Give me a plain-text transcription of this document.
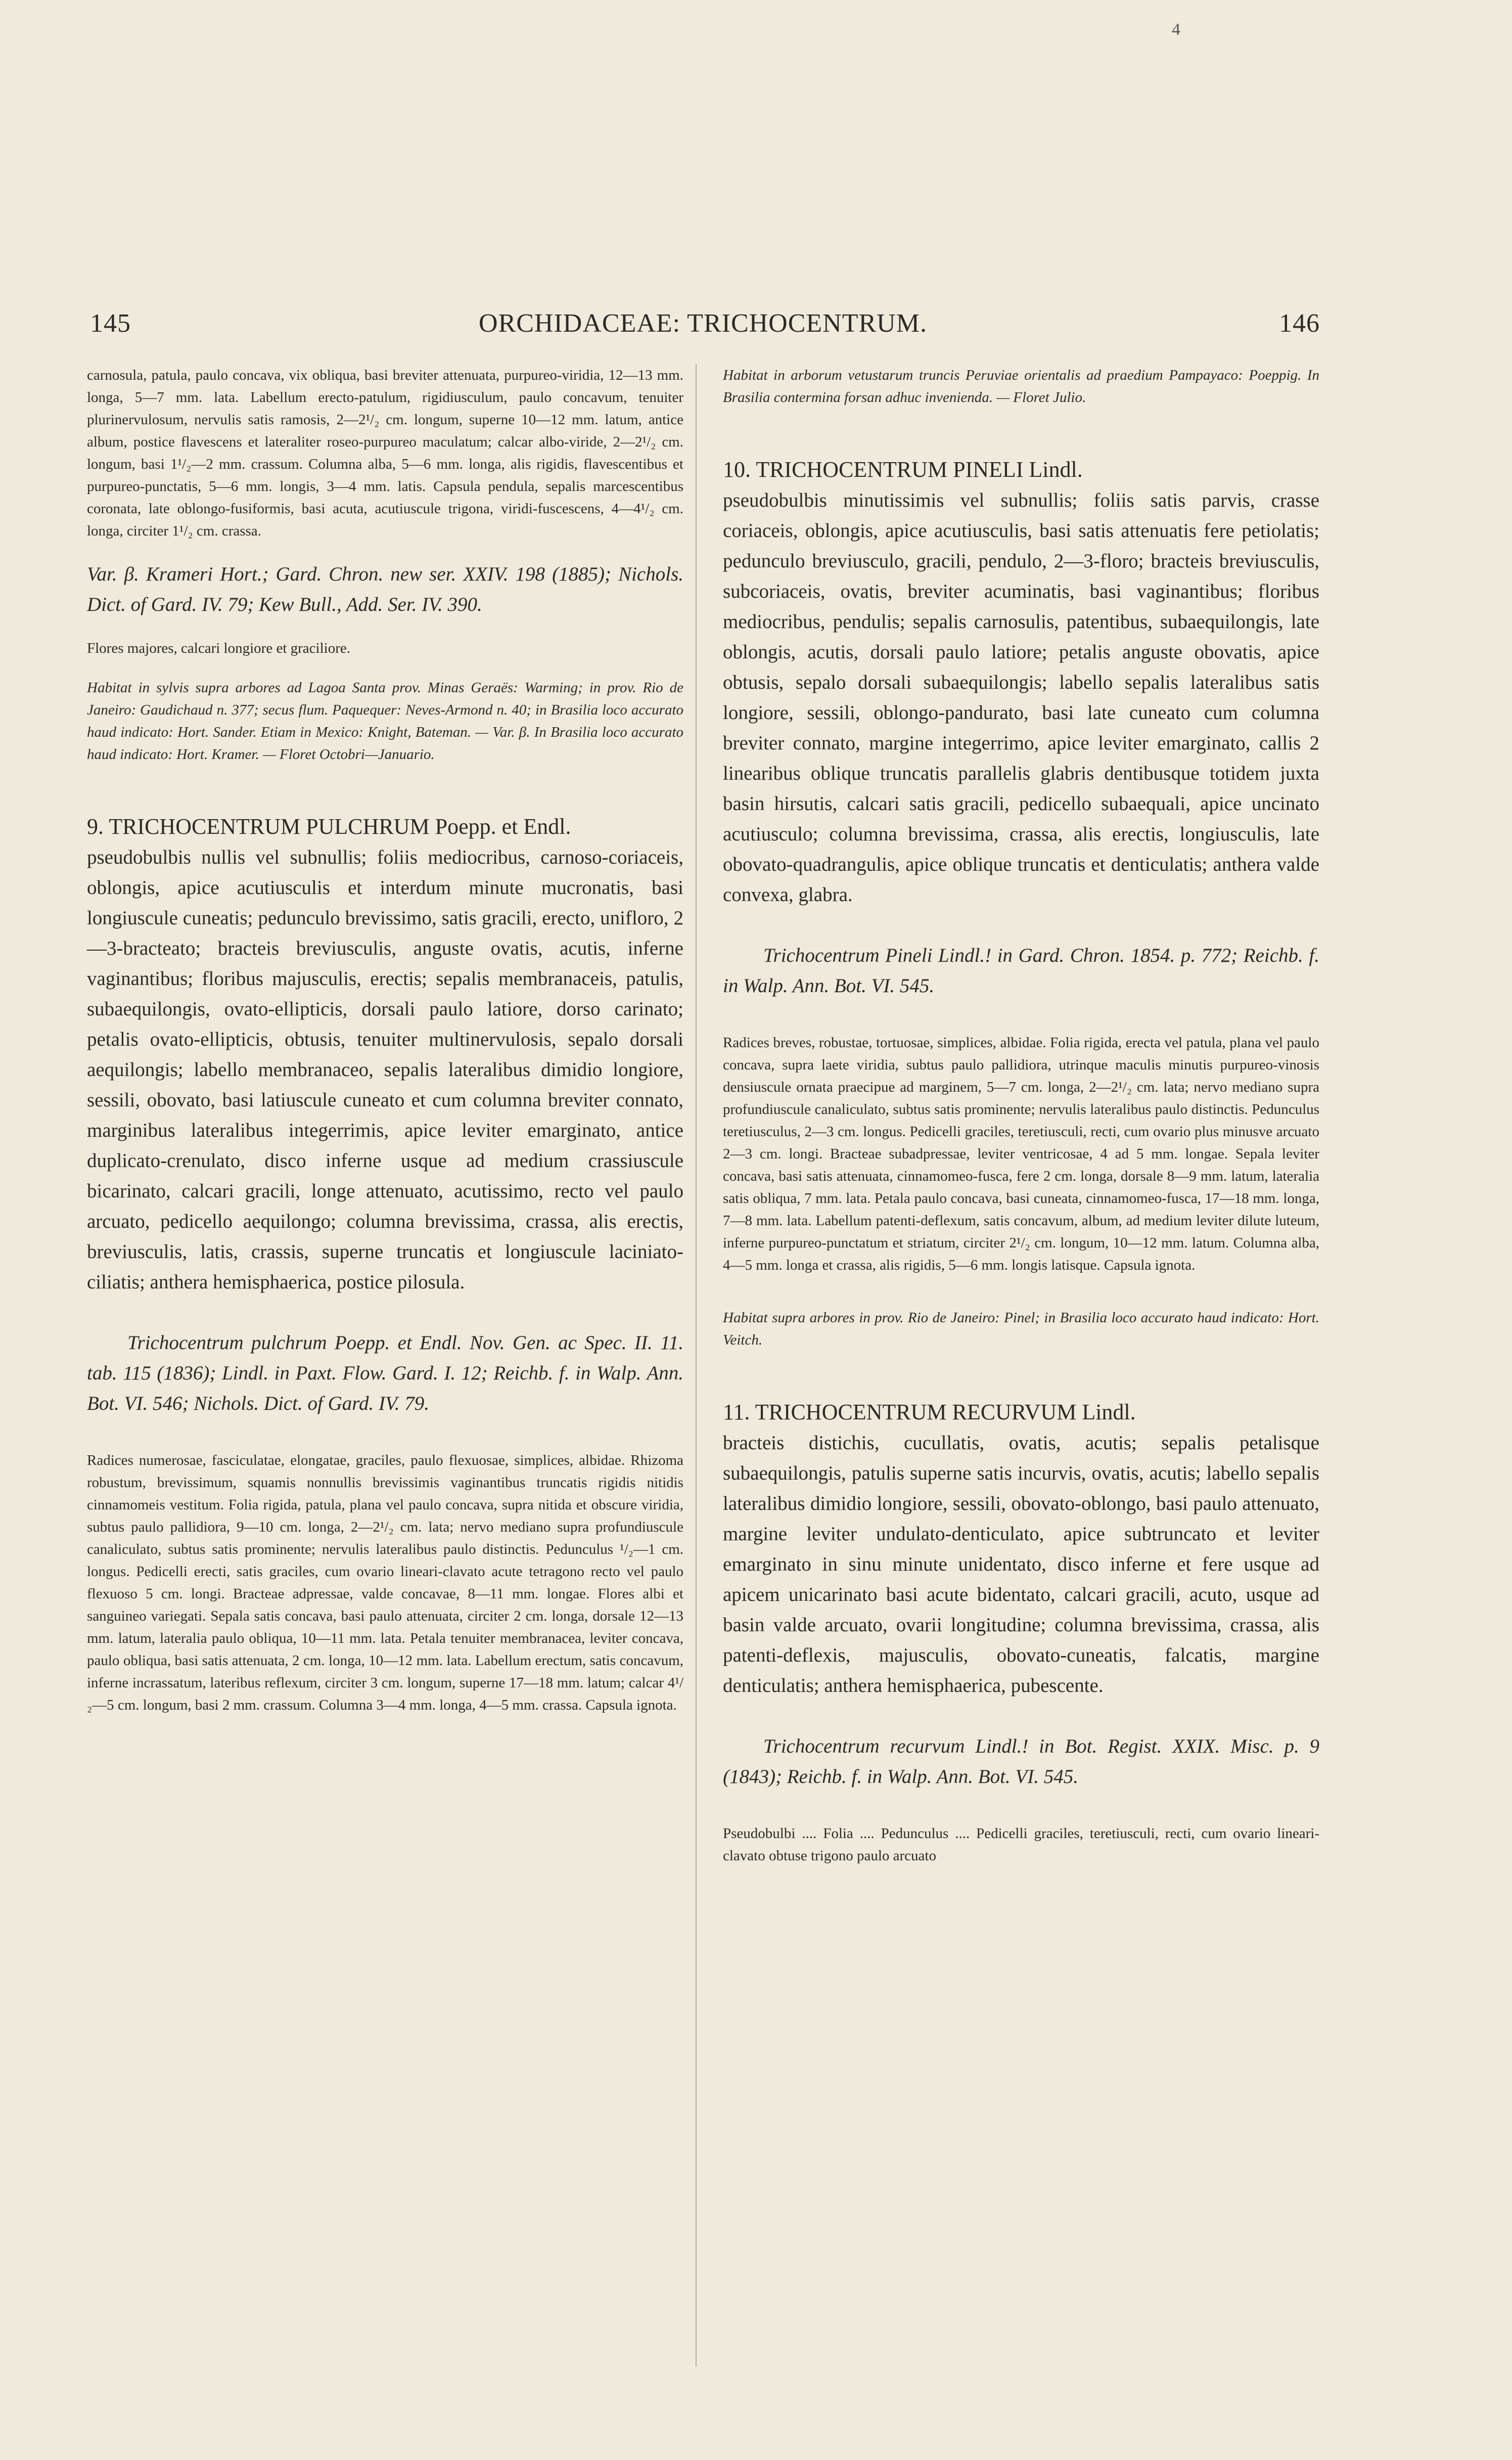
4
145	ORCHIDACEAE: TRICHOCENTRUM.	146

carnosula, patula, paulo concava, vix obliqua, basi breviter attenuata, purpureo-viridia, 12—13 mm. longa, 5—7 mm. lata. Labellum erecto-patulum, rigidiusculum, paulo concavum, tenuiter plurinervulosum, nervulis satis ramosis, 2—2¹/₂ cm. longum, superne 10—12 mm. latum, antice album, postice flavescens et lateraliter roseo-purpureo maculatum; calcar albo-viride, 2—2¹/₂ cm. longum, basi 1¹/₂—2 mm. crassum. Columna alba, 5—6 mm. longa, alis rigidis, flavescentibus et purpureo-punctatis, 5—6 mm. longis, 3—4 mm. latis. Capsula pendula, sepalis marcescentibus coronata, late oblongo-fusiformis, basi acuta, acutiuscule trigona, viridi-fuscescens, 4—4¹/₂ cm. longa, circiter 1¹/₂ cm. crassa.

Var. β. Krameri Hort.; Gard. Chron. new ser. XXIV. 198 (1885); Nichols. Dict. of Gard. IV. 79; Kew Bull., Add. Ser. IV. 390.

Flores majores, calcari longiore et graciliore.

Habitat in sylvis supra arbores ad Lagoa Santa prov. Minas Geraës: Warming; in prov. Rio de Janeiro: Gaudichaud n. 377; secus flum. Paquequer: Neves-Armond n. 40; in Brasilia loco accurato haud indicato: Hort. Sander. Etiam in Mexico: Knight, Bateman. — Var. β. In Brasilia loco accurato haud indicato: Hort. Kramer. — Floret Octobri—Januario.

9. TRICHOCENTRUM PULCHRUM Poepp. et Endl.

pseudobulbis nullis vel subnullis; foliis mediocribus, carnoso-coriaceis, oblongis, apice acutiusculis et interdum minute mucronatis, basi longiuscule cuneatis; pedunculo brevissimo, satis gracili, erecto, unifloro, 2—3-bracteato; bracteis breviusculis, anguste ovatis, acutis, inferne vaginantibus; floribus majusculis, erectis; sepalis membranaceis, patulis, subaequilongis, ovato-ellipticis, dorsali paulo latiore, dorso carinato; petalis ovato-ellipticis, obtusis, tenuiter multinervulosis, sepalo dorsali aequilongis; labello membranaceo, sepalis lateralibus dimidio longiore, sessili, obovato, basi latiuscule cuneato et cum columna breviter connato, marginibus lateralibus integerrimis, apice leviter emarginato, antice duplicato-crenulato, disco inferne usque ad medium crassiuscule bicarinato, calcari gracili, longe attenuato, acutissimo, recto vel paulo arcuato, pedicello aequilongo; columna brevissima, crassa, alis erectis, breviusculis, latis, crassis, superne truncatis et longiuscule laciniato-ciliatis; anthera hemisphaerica, postice pilosula.

Trichocentrum pulchrum Poepp. et Endl. Nov. Gen. ac Spec. II. 11. tab. 115 (1836); Lindl. in Paxt. Flow. Gard. I. 12; Reichb. f. in Walp. Ann. Bot. VI. 546; Nichols. Dict. of Gard. IV. 79.

Radices numerosae, fasciculatae, elongatae, graciles, paulo flexuosae, simplices, albidae. Rhizoma robustum, brevissimum, squamis nonnullis brevissimis vaginantibus truncatis rigidis nitidis cinnamomeis vestitum. Folia rigida, patula, plana vel paulo concava, supra nitida et obscure viridia, subtus paulo pallidiora, 9—10 cm. longa, 2—2¹/₂ cm. lata; nervo mediano supra profundiuscule canaliculato, subtus satis prominente; nervulis lateralibus paulo distinctis. Pedunculus ¹/₂—1 cm. longus. Pedicelli erecti, satis graciles, cum ovario lineari-clavato acute tetragono recto vel paulo flexuoso 5 cm. longi. Bracteae adpressae, valde concavae, 8—11 mm. longae. Flores albi et sanguineo variegati. Sepala satis concava, basi paulo attenuata, circiter 2 cm. longa, dorsale 12—13 mm. latum, lateralia paulo obliqua, 10—11 mm. lata. Petala tenuiter membranacea, leviter concava, paulo obliqua, basi satis attenuata, 2 cm. longa, 10—12 mm. lata. Labellum erectum, satis concavum, inferne incrassatum, lateribus reflexum, circiter 3 cm. longum, superne 17—18 mm. latum; calcar 4¹/₂—5 cm. longum, basi 2 mm. crassum. Columna 3—4 mm. longa, 4—5 mm. crassa. Capsula ignota.

Habitat in arborum vetustarum truncis Peruviae orientalis ad praedium Pampayaco: Poeppig. In Brasilia contermina forsan adhuc invenienda. — Floret Julio.

10. TRICHOCENTRUM PINELI Lindl.

pseudobulbis minutissimis vel subnullis; foliis satis parvis, crasse coriaceis, oblongis, apice acutiusculis, basi satis attenuatis fere petiolatis; pedunculo breviusculo, gracili, pendulo, 2—3-floro; bracteis breviusculis, subcoriaceis, ovatis, breviter acuminatis, basi vaginantibus; floribus mediocribus, pendulis; sepalis carnosulis, patentibus, subaequilongis, late oblongis, acutis, dorsali paulo latiore; petalis anguste obovatis, apice obtusis, sepalo dorsali subaequilongis; labello sepalis lateralibus satis longiore, sessili, oblongo-pandurato, basi late cuneato cum columna breviter connato, margine integerrimo, apice leviter emarginato, callis 2 linearibus oblique truncatis parallelis glabris dentibusque totidem juxta basin hirsutis, calcari satis gracili, pedicello subaequali, apice uncinato acutiusculo; columna brevissima, crassa, alis erectis, longiusculis, late obovato-quadrangulis, apice oblique truncatis et denticulatis; anthera valde convexa, glabra.

Trichocentrum Pineli Lindl.! in Gard. Chron. 1854. p. 772; Reichb. f. in Walp. Ann. Bot. VI. 545.

Radices breves, robustae, tortuosae, simplices, albidae. Folia rigida, erecta vel patula, plana vel paulo concava, supra laete viridia, subtus paulo pallidiora, utrinque maculis minutis purpureo-vinosis densiuscule ornata praecipue ad marginem, 5—7 cm. longa, 2—2¹/₂ cm. lata; nervo mediano supra profundiuscule canaliculato, subtus satis prominente; nervulis lateralibus paulo distinctis. Pedunculus teretiusculus, 2—3 cm. longus. Pedicelli graciles, teretiusculi, recti, cum ovario plus minusve arcuato 2—3 cm. longi. Bracteae subadpressae, leviter ventricosae, 4 ad 5 mm. longae. Sepala leviter concava, basi satis attenuata, cinnamomeo-fusca, fere 2 cm. longa, dorsale 8—9 mm. latum, lateralia satis obliqua, 7 mm. lata. Petala paulo concava, basi cuneata, cinnamomeo-fusca, 17—18 mm. longa, 7—8 mm. lata. Labellum patenti-deflexum, satis concavum, album, ad medium leviter dilute luteum, inferne purpureo-punctatum et striatum, circiter 2¹/₂ cm. longum, 10—12 mm. latum. Columna alba, 4—5 mm. longa et crassa, alis rigidis, 5—6 mm. longis latisque. Capsula ignota.

Habitat supra arbores in prov. Rio de Janeiro: Pinel; in Brasilia loco accurato haud indicato: Hort. Veitch.

11. TRICHOCENTRUM RECURVUM Lindl.

bracteis distichis, cucullatis, ovatis, acutis; sepalis petalisque subaequilongis, patulis superne satis incurvis, ovatis, acutis; labello sepalis lateralibus dimidio longiore, sessili, obovato-oblongo, basi paulo attenuato, margine leviter undulato-denticulato, apice subtruncato et leviter emarginato in sinu minute unidentato, disco inferne et fere usque ad apicem unicarinato basi acute bidentato, calcari gracili, acuto, usque ad basin valde arcuato, ovarii longitudine; columna brevissima, crassa, alis patenti-deflexis, majusculis, obovato-cuneatis, falcatis, margine denticulatis; anthera hemisphaerica, pubescente.

Trichocentrum recurvum Lindl.! in Bot. Regist. XXIX. Misc. p. 9 (1843); Reichb. f. in Walp. Ann. Bot. VI. 545.

Pseudobulbi .... Folia .... Pedunculus .... Pedicelli graciles, teretiusculi, recti, cum ovario lineari-clavato obtuse trigono paulo arcuato
